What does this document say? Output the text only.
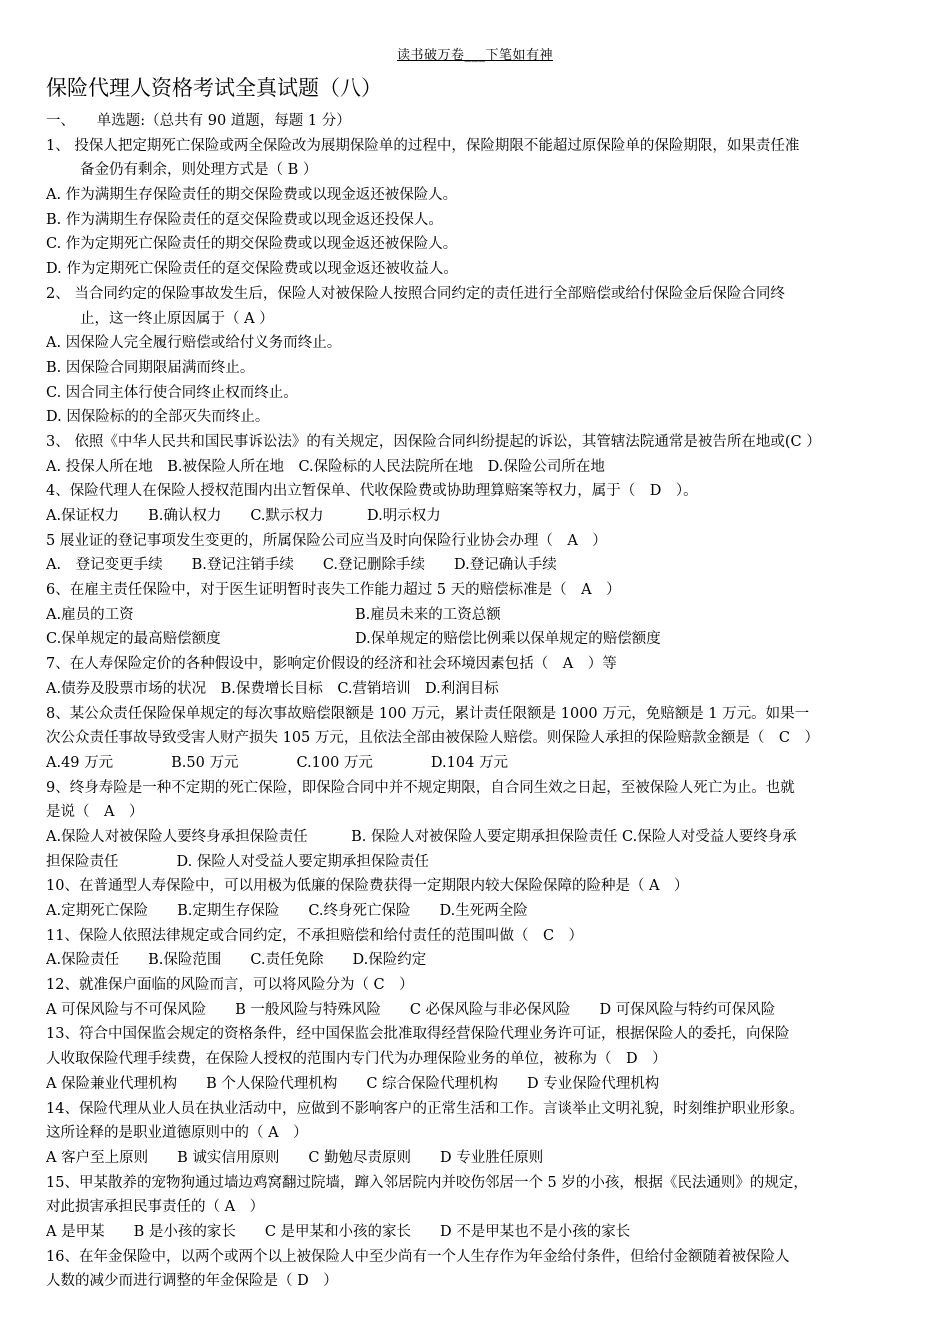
读书破万卷___下笔如有神
保险代理人资格考试全真试题（八）
一、　　单选题:（总共有 90 道题，每题 1 分）
1、 投保人把定期死亡保险或两全保险改为展期保险单的过程中，保险期限不能超过原保险单的保险期限，如果责任准
备金仍有剩余，则处理方式是（ B ）
A. 作为满期生存保险责任的期交保险费或以现金返还被保险人。
B. 作为满期生存保险责任的趸交保险费或以现金返还投保人。
C. 作为定期死亡保险责任的期交保险费或以现金返还被保险人。
D. 作为定期死亡保险责任的趸交保险费或以现金返还被收益人。
2、 当合同约定的保险事故发生后，保险人对被保险人按照合同约定的责任进行全部赔偿或给付保险金后保险合同终
止，这一终止原因属于（ A ）
A. 因保险人完全履行赔偿或给付义务而终止。
B. 因保险合同期限届满而终止。
C. 因合同主体行使合同终止权而终止。
D. 因保险标的的全部灭失而终止。
3、 依照《中华人民共和国民事诉讼法》的有关规定，因保险合同纠纷提起的诉讼，其管辖法院通常是被告所在地或(C ）
A. 投保人所在地　B.被保险人所在地　C.保险标的人民法院所在地　D.保险公司所在地
4、保险代理人在保险人授权范围内出立暂保单、代收保险费或协助理算赔案等权力，属于（　D　）。
A.保证权力　　B.确认权力　　C.默示权力　　　D.明示权力
5 展业证的登记事项发生变更的，所属保险公司应当及时向保险行业协会办理（　A　）
A.　登记变更手续　　B.登记注销手续　　C.登记删除手续　　D.登记确认手续
6、在雇主责任保险中，对于医生证明暂时丧失工作能力超过 5 天的赔偿标准是（　A　）
A.雇员的工资	B.雇员未来的工资总额
C.保单规定的最高赔偿额度	D.保单规定的赔偿比例乘以保单规定的赔偿额度
7、在人寿保险定价的各种假设中，影响定价假设的经济和社会环境因素包括（　A　）等
A.债券及股票市场的状况　B.保费增长目标　C.营销培训　D.利润目标
8、某公众责任保险保单规定的每次事故赔偿限额是 100 万元，累计责任限额是 1000 万元，免赔额是 1 万元。如果一
次公众责任事故导致受害人财产损失 105 万元，且依法全部由被保险人赔偿。则保险人承担的保险赔款金额是（　C　）
A.49 万元　　　　B.50 万元　　　　C.100 万元　　　　D.104 万元
9、终身寿险是一种不定期的死亡保险，即保险合同中并不规定期限，自合同生效之日起，至被保险人死亡为止。也就
是说（　A　）
A.保险人对被保险人要终身承担保险责任　　　B. 保险人对被保险人要定期承担保险责任 C.保险人对受益人要终身承
担保险责任　　　　D. 保险人对受益人要定期承担保险责任
10、在普通型人寿保险中，可以用极为低廉的保险费获得一定期限内较大保险保障的险种是（ A　）
A.定期死亡保险　　B.定期生存保险　　C.终身死亡保险　　D.生死两全险
11、保险人依照法律规定或合同约定，不承担赔偿和给付责任的范围叫做（　C　）
A.保险责任　　B.保险范围　　C.责任免除　　D.保险约定
12、就准保户面临的风险而言，可以将风险分为（ C　）
A 可保风险与不可保风险　　B 一般风险与特殊风险　　C 必保风险与非必保风险　　D 可保风险与特约可保风险
13、符合中国保监会规定的资格条件，经中国保监会批准取得经营保险代理业务许可证，根据保险人的委托，向保险
人收取保险代理手续费，在保险人授权的范围内专门代为办理保险业务的单位，被称为（　D　）
A 保险兼业代理机构　　B 个人保险代理机构　　C 综合保险代理机构　　D 专业保险代理机构
14、保险代理从业人员在执业活动中，应做到不影响客户的正常生活和工作。言谈举止文明礼貌，时刻维护职业形象。
这所诠释的是职业道德原则中的（ A　）
A 客户至上原则　　B 诚实信用原则　　C 勤勉尽责原则　　D 专业胜任原则
15、甲某散养的宠物狗通过墙边鸡窝翻过院墙，蹿入邻居院内并咬伤邻居一个 5 岁的小孩，根据《民法通则》的规定，
对此损害承担民事责任的（ A　）
A 是甲某　　B 是小孩的家长　　C 是甲某和小孩的家长　　D 不是甲某也不是小孩的家长
16、在年金保险中，以两个或两个以上被保险人中至少尚有一个人生存作为年金给付条件，但给付金额随着被保险人
人数的减少而进行调整的年金保险是（ D　）
